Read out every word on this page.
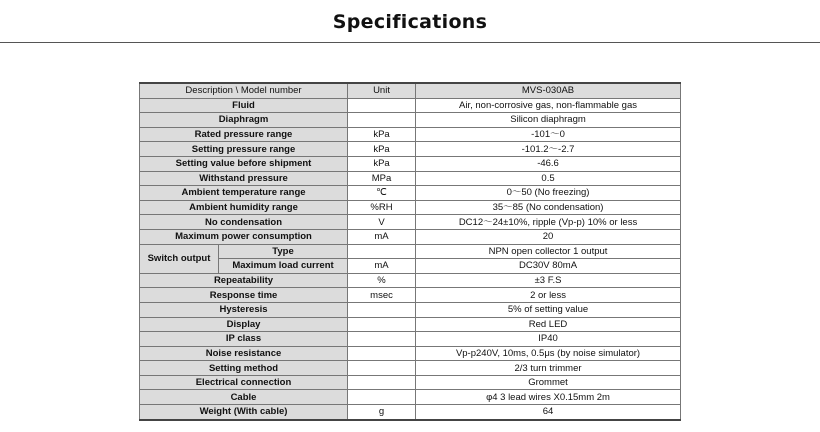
Specifications
Description \ Model number		Unit	MVS-030AB
Fluid			Air, non-corrosive gas, non-flammable gas
Diaphragm			Silicon diaphragm
Rated pressure range		kPa	-101～0
Setting pressure range		kPa	-101.2～-2.7
Setting value before shipment		kPa	-46.6
Withstand pressure		MPa	0.5
Ambient temperature range		℃	0～50 (No freezing)
Ambient humidity range		%RH	35～85 (No condensation)
No condensation		V	DC12～24±10%, ripple (Vp-p) 10% or less
Maximum power consumption		mA	20
Switch output	Type		NPN open collector 1 output
	Maximum load current	mA	DC30V 80mA
Repeatability		%	±3 F.S
Response time		msec	2 or less
Hysteresis			5% of setting value
Display			Red LED
IP class			IP40
Noise resistance			Vp-p240V, 10ms, 0.5μs (by noise simulator)
Setting method			2/3 turn trimmer
Electrical connection			Grommet
Cable			φ4 3 lead wires X0.15mm 2m
Weight (With cable)		g	64
